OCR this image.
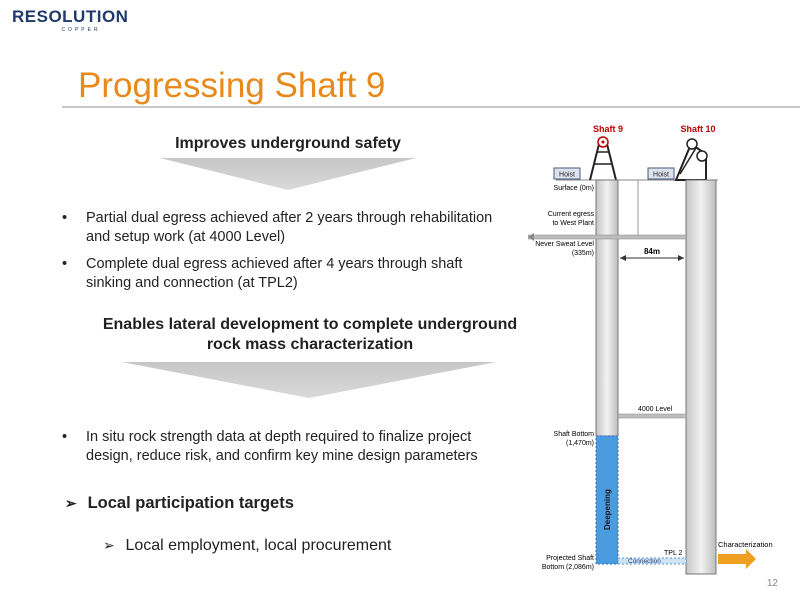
RESOLUTION
COPPER
Progressing Shaft 9
Improves underground safety
• Partial dual egress achieved after 2 years through rehabilitation and setup work (at 4000 Level)
• Complete dual egress achieved after 4 years through shaft sinking and connection (at TPL2)
Enables lateral development to complete underground rock mass characterization
• In situ rock strength data at depth required to finalize project design, reduce risk, and confirm key mine design parameters
➢ Local participation targets
➢ Local employment, local procurement
Hoist	Hoist
Shaft 9	Shaft 10
Deepening
84m
4000 Level
Connection
TPL 2
Characterization
Surface (0m)
Current egress
to West Plant
Never Sweat Level
(335m)
Shaft Bottom
(1,470m)
Projected Shaft
Bottom (2,086m)
12
